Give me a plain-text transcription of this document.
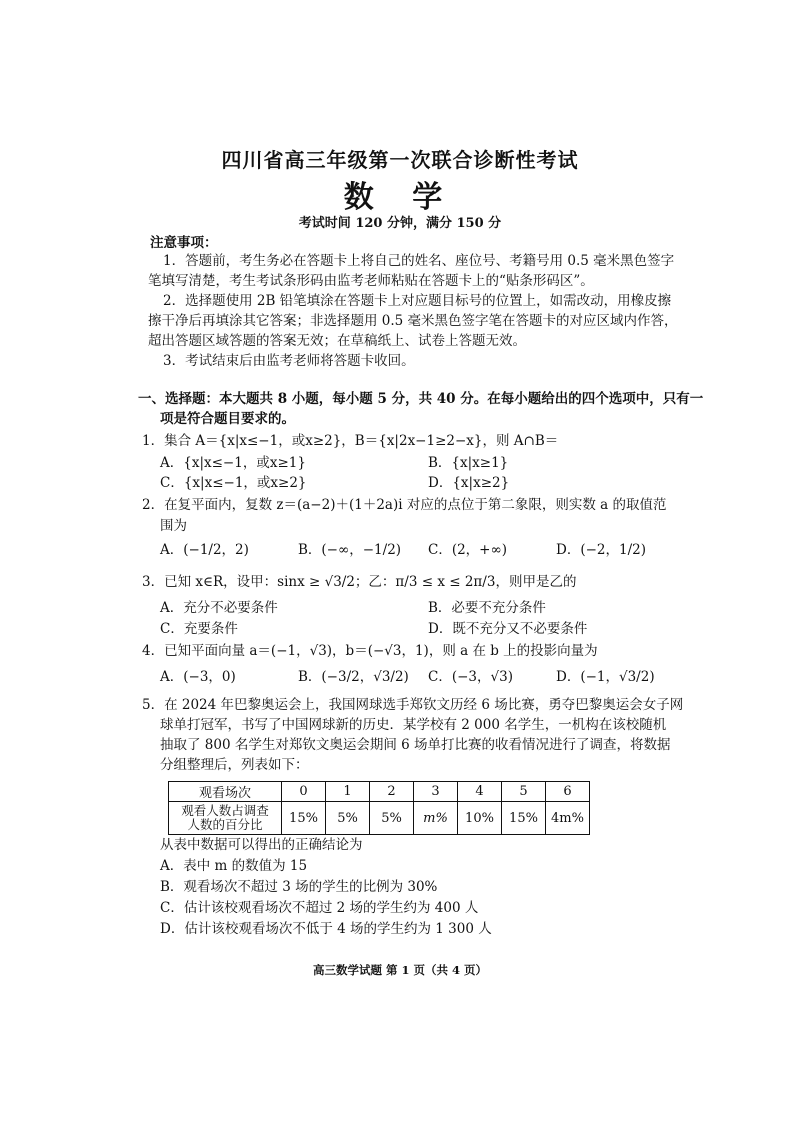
四川省高三年级第一次联合诊断性考试
数 学
考试时间 120 分钟，满分 150 分
注意事项：
1．答题前，考生务必在答题卡上将自己的姓名、座位号、考籍号用 0.5 毫米黑色签字
笔填写清楚，考生考试条形码由监考老师粘贴在答题卡上的“贴条形码区”。
2．选择题使用 2B 铅笔填涂在答题卡上对应题目标号的位置上，如需改动，用橡皮擦
擦干净后再填涂其它答案；非选择题用 0.5 毫米黑色签字笔在答题卡的对应区域内作答，
超出答题区域答题的答案无效；在草稿纸上、试卷上答题无效。
3．考试结束后由监考老师将答题卡收回。
一、选择题：本大题共 8 小题，每小题 5 分，共 40 分。在每小题给出的四个选项中，只有一
项是符合题目要求的。
1．集合 A＝{x|x≤−1，或x≥2}，B＝{x|2x−1≥2−x}，则 A∩B＝
A．{x|x≤−1，或x≥1}	B．{x|x≥1}
C．{x|x≤−1，或x≥2}	D．{x|x≥2}
2．在复平面内，复数 z＝(a−2)＋(1＋2a)i 对应的点位于第二象限，则实数 a 的取值范
围为
A．(−1/2，2)	B．(−∞，−1/2) C．(2，+∞)	D．(−2，1/2)
3．已知 x∈R，设甲：sinx ≥ √3/2；乙：π/3 ≤ x ≤ 2π/3，则甲是乙的
A．充分不必要条件	B．必要不充分条件
C．充要条件	D．既不充分又不必要条件
4．已知平面向量 a＝(−1，√3)，b＝(−√3，1)，则 a 在 b 上的投影向量为
A．(−3，0)	B．(−3/2，√3/2) C．(−3，√3)	D．(−1，√3/2)
5．在 2024 年巴黎奥运会上，我国网球选手郑钦文历经 6 场比赛，勇夺巴黎奥运会女子网
球单打冠军，书写了中国网球新的历史．某学校有 2 000 名学生，一机构在该校随机
抽取了 800 名学生对郑钦文奥运会期间 6 场单打比赛的收看情况进行了调查，将数据
分组整理后，列表如下：
观看场次	0	1	2	3	4	5	6

观看人数占调查
人数的百分比	15%	5%	5%	m%	10%	15%	4m%
从表中数据可以得出的正确结论为
A．表中 m 的数值为 15
B．观看场次不超过 3 场的学生的比例为 30%
C．估计该校观看场次不超过 2 场的学生约为 400 人
D．估计该校观看场次不低于 4 场的学生约为 1 300 人
高三数学试题 第 1 页（共 4 页）
